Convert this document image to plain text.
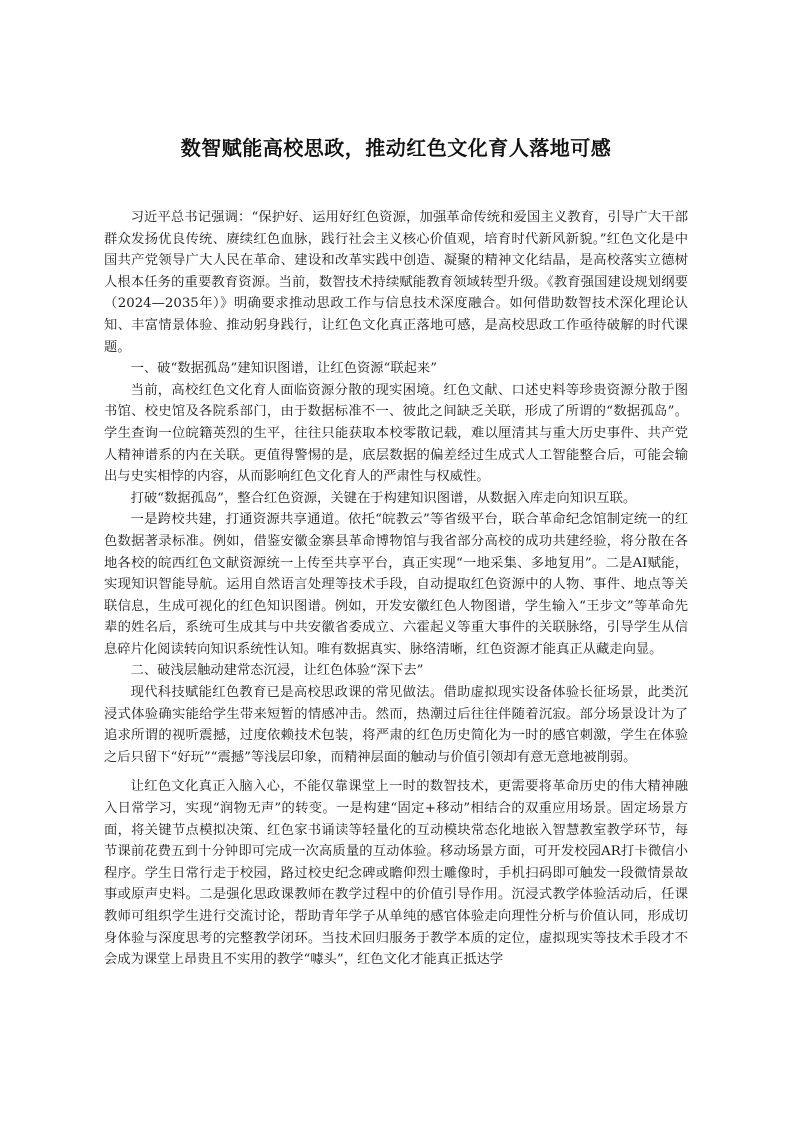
数智赋能高校思政，推动红色文化育人落地可感

习近平总书记强调：“保护好、运用好红色资源，加强革命传统和爱国主义教育，引导广大干部群众发扬优良传统、赓续红色血脉，践行社会主义核心价值观，培育时代新风新貌。”红色文化是中国共产党领导广大人民在革命、建设和改革实践中创造、凝聚的精神文化结晶，是高校落实立德树人根本任务的重要教育资源。当前，数智技术持续赋能教育领域转型升级。《教育强国建设规划纲要（2024—2035年）》明确要求推动思政工作与信息技术深度融合。如何借助数智技术深化理论认知、丰富情景体验、推动躬身践行，让红色文化真正落地可感，是高校思政工作亟待破解的时代课题。

一、破“数据孤岛”建知识图谱，让红色资源“联起来”

当前，高校红色文化育人面临资源分散的现实困境。红色文献、口述史料等珍贵资源分散于图书馆、校史馆及各院系部门，由于数据标准不一、彼此之间缺乏关联，形成了所谓的“数据孤岛”。学生查询一位皖籍英烈的生平，往往只能获取本校零散记载，难以厘清其与重大历史事件、共产党人精神谱系的内在关联。更值得警惕的是，底层数据的偏差经过生成式人工智能整合后，可能会输出与史实相悖的内容，从而影响红色文化育人的严肃性与权威性。

打破“数据孤岛”，整合红色资源，关键在于构建知识图谱，从数据入库走向知识互联。

一是跨校共建，打通资源共享通道。依托“皖教云”等省级平台，联合革命纪念馆制定统一的红色数据著录标准。例如，借鉴安徽金寨县革命博物馆与我省部分高校的成功共建经验，将分散在各地各校的皖西红色文献资源统一上传至共享平台，真正实现“一地采集、多地复用”。二是AI赋能，实现知识智能导航。运用自然语言处理等技术手段，自动提取红色资源中的人物、事件、地点等关联信息，生成可视化的红色知识图谱。例如，开发安徽红色人物图谱，学生输入“王步文”等革命先辈的姓名后，系统可生成其与中共安徽省委成立、六霍起义等重大事件的关联脉络，引导学生从信息碎片化阅读转向知识系统性认知。唯有数据真实、脉络清晰，红色资源才能真正从藏走向显。

二、破浅层触动建常态沉浸，让红色体验“深下去”

现代科技赋能红色教育已是高校思政课的常见做法。借助虚拟现实设备体验长征场景，此类沉浸式体验确实能给学生带来短暂的情感冲击。然而，热潮过后往往伴随着沉寂。部分场景设计为了追求所谓的视听震撼，过度依赖技术包装，将严肃的红色历史简化为一时的感官刺激，学生在体验之后只留下“好玩”“震撼”等浅层印象，而精神层面的触动与价值引领却有意无意地被削弱。

让红色文化真正入脑入心，不能仅靠课堂上一时的数智技术，更需要将革命历史的伟大精神融入日常学习，实现“润物无声”的转变。一是构建“固定+移动”相结合的双重应用场景。固定场景方面，将关键节点模拟决策、红色家书诵读等轻量化的互动模块常态化地嵌入智慧教室教学环节，每节课前花费五到十分钟即可完成一次高质量的互动体验。移动场景方面，可开发校园AR打卡微信小程序。学生日常行走于校园，路过校史纪念碑或瞻仰烈士雕像时，手机扫码即可触发一段微情景故事或原声史料。二是强化思政课教师在教学过程中的价值引导作用。沉浸式教学体验活动后，任课教师可组织学生进行交流讨论，帮助青年学子从单纯的感官体验走向理性分析与价值认同，形成切身体验与深度思考的完整教学闭环。当技术回归服务于教学本质的定位，虚拟现实等技术手段才不会成为课堂上昂贵且不实用的教学“噱头”，红色文化才能真正抵达学
